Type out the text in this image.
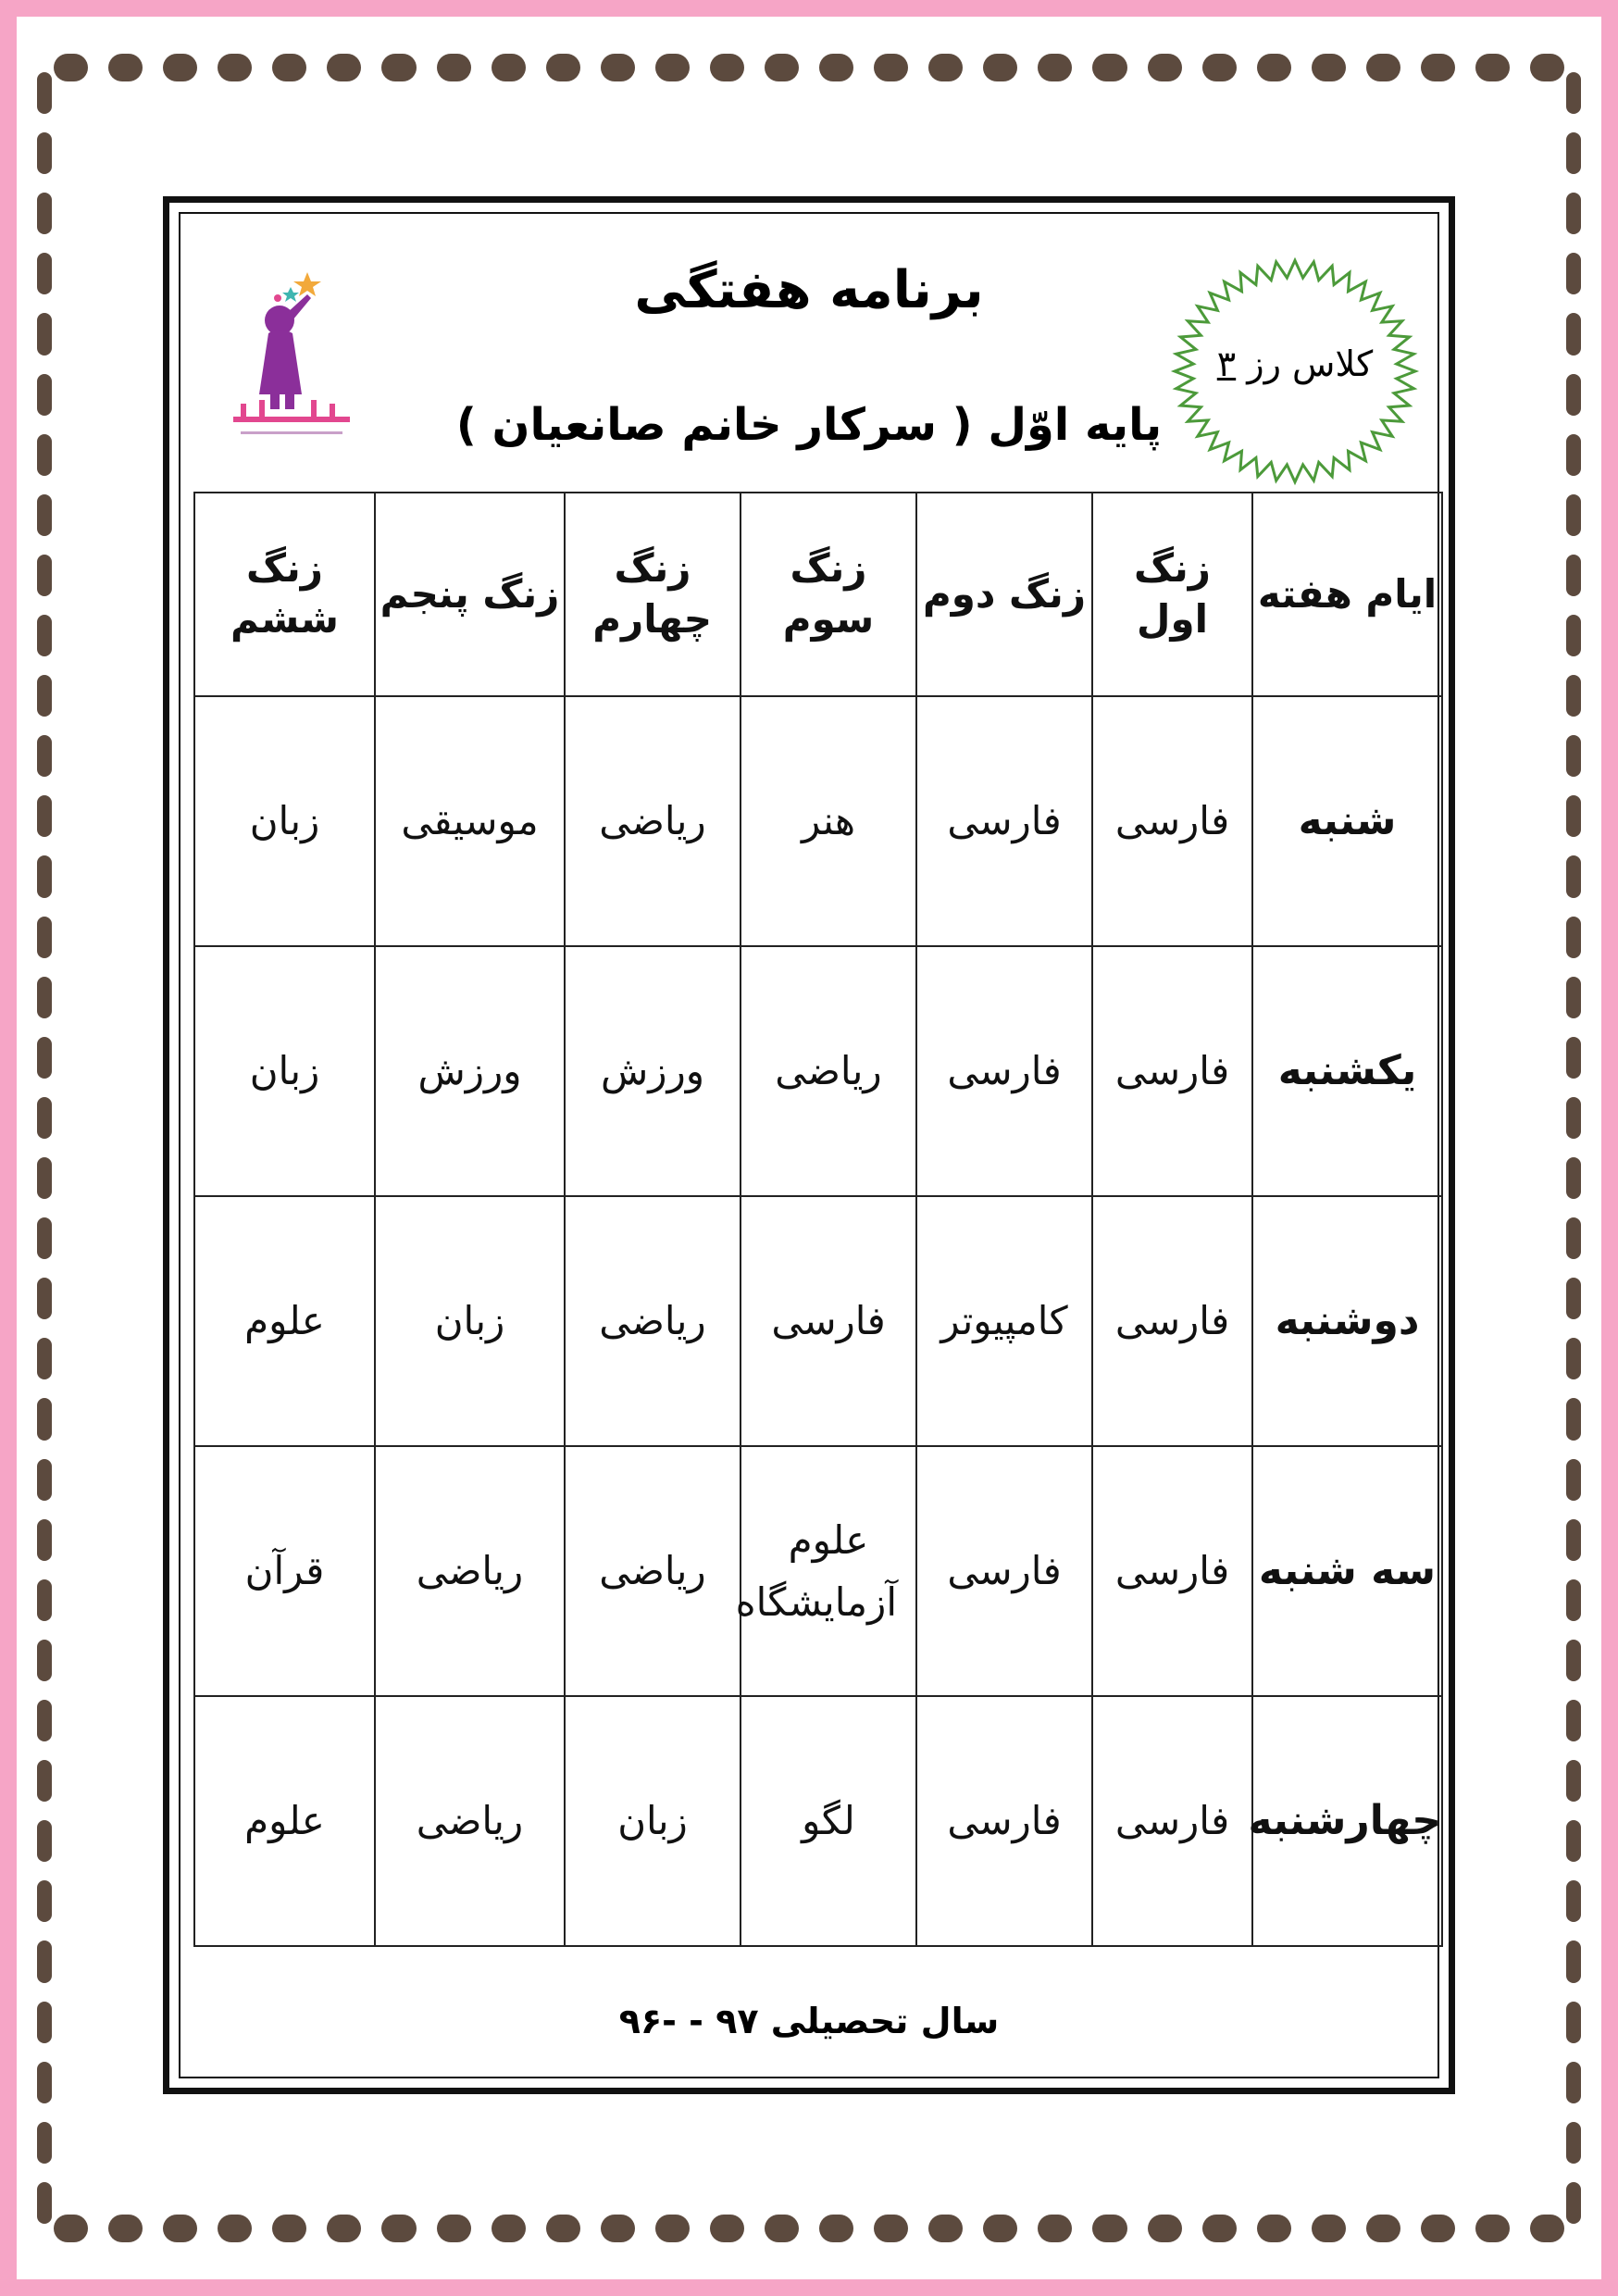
برنامه هفتگی
پایه اوّل ( سرکار خانم صانعیان )
کلاس رز ۳
ایام هفته	زنگ اول	زنگ دوم	زنگ سوم	زنگ چهارم	زنگ پنجم	زنگ ششم
شنبه	فارسی	فارسی	هنر	ریاضی	موسیقی	زبان
یکشنبه	فارسی	فارسی	ریاضی	ورزش	ورزش	زبان
دوشنبه	فارسی	کامپیوتر	فارسی	ریاضی	زبان	علوم
سه شنبه	فارسی	فارسی	علوم آزمایشگاه	ریاضی	ریاضی	قرآن
چهارشنبه	فارسی	فارسی	لگو	زبان	ریاضی	علوم
سال تحصیلی ۹۷ - -۹۶
